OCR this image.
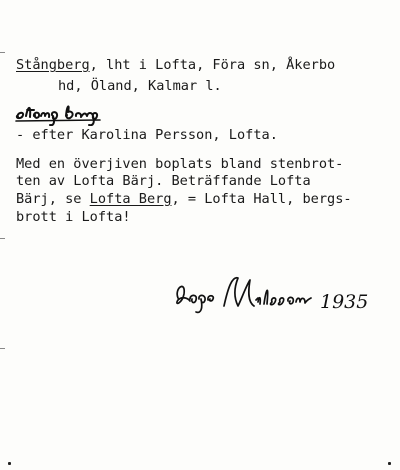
Stångberg, lht i Lofta, Föra sn, Åkerbo
hd, Öland, Kalmar l.
- efter Karolina Persson, Lofta.
Med en överjiven boplats bland stenbrot-
ten av Lofta Bärj. Beträffande Lofta
Bärj, se Lofta Berg, = Lofta Hall, bergs-
brott i Lofta!
1935
